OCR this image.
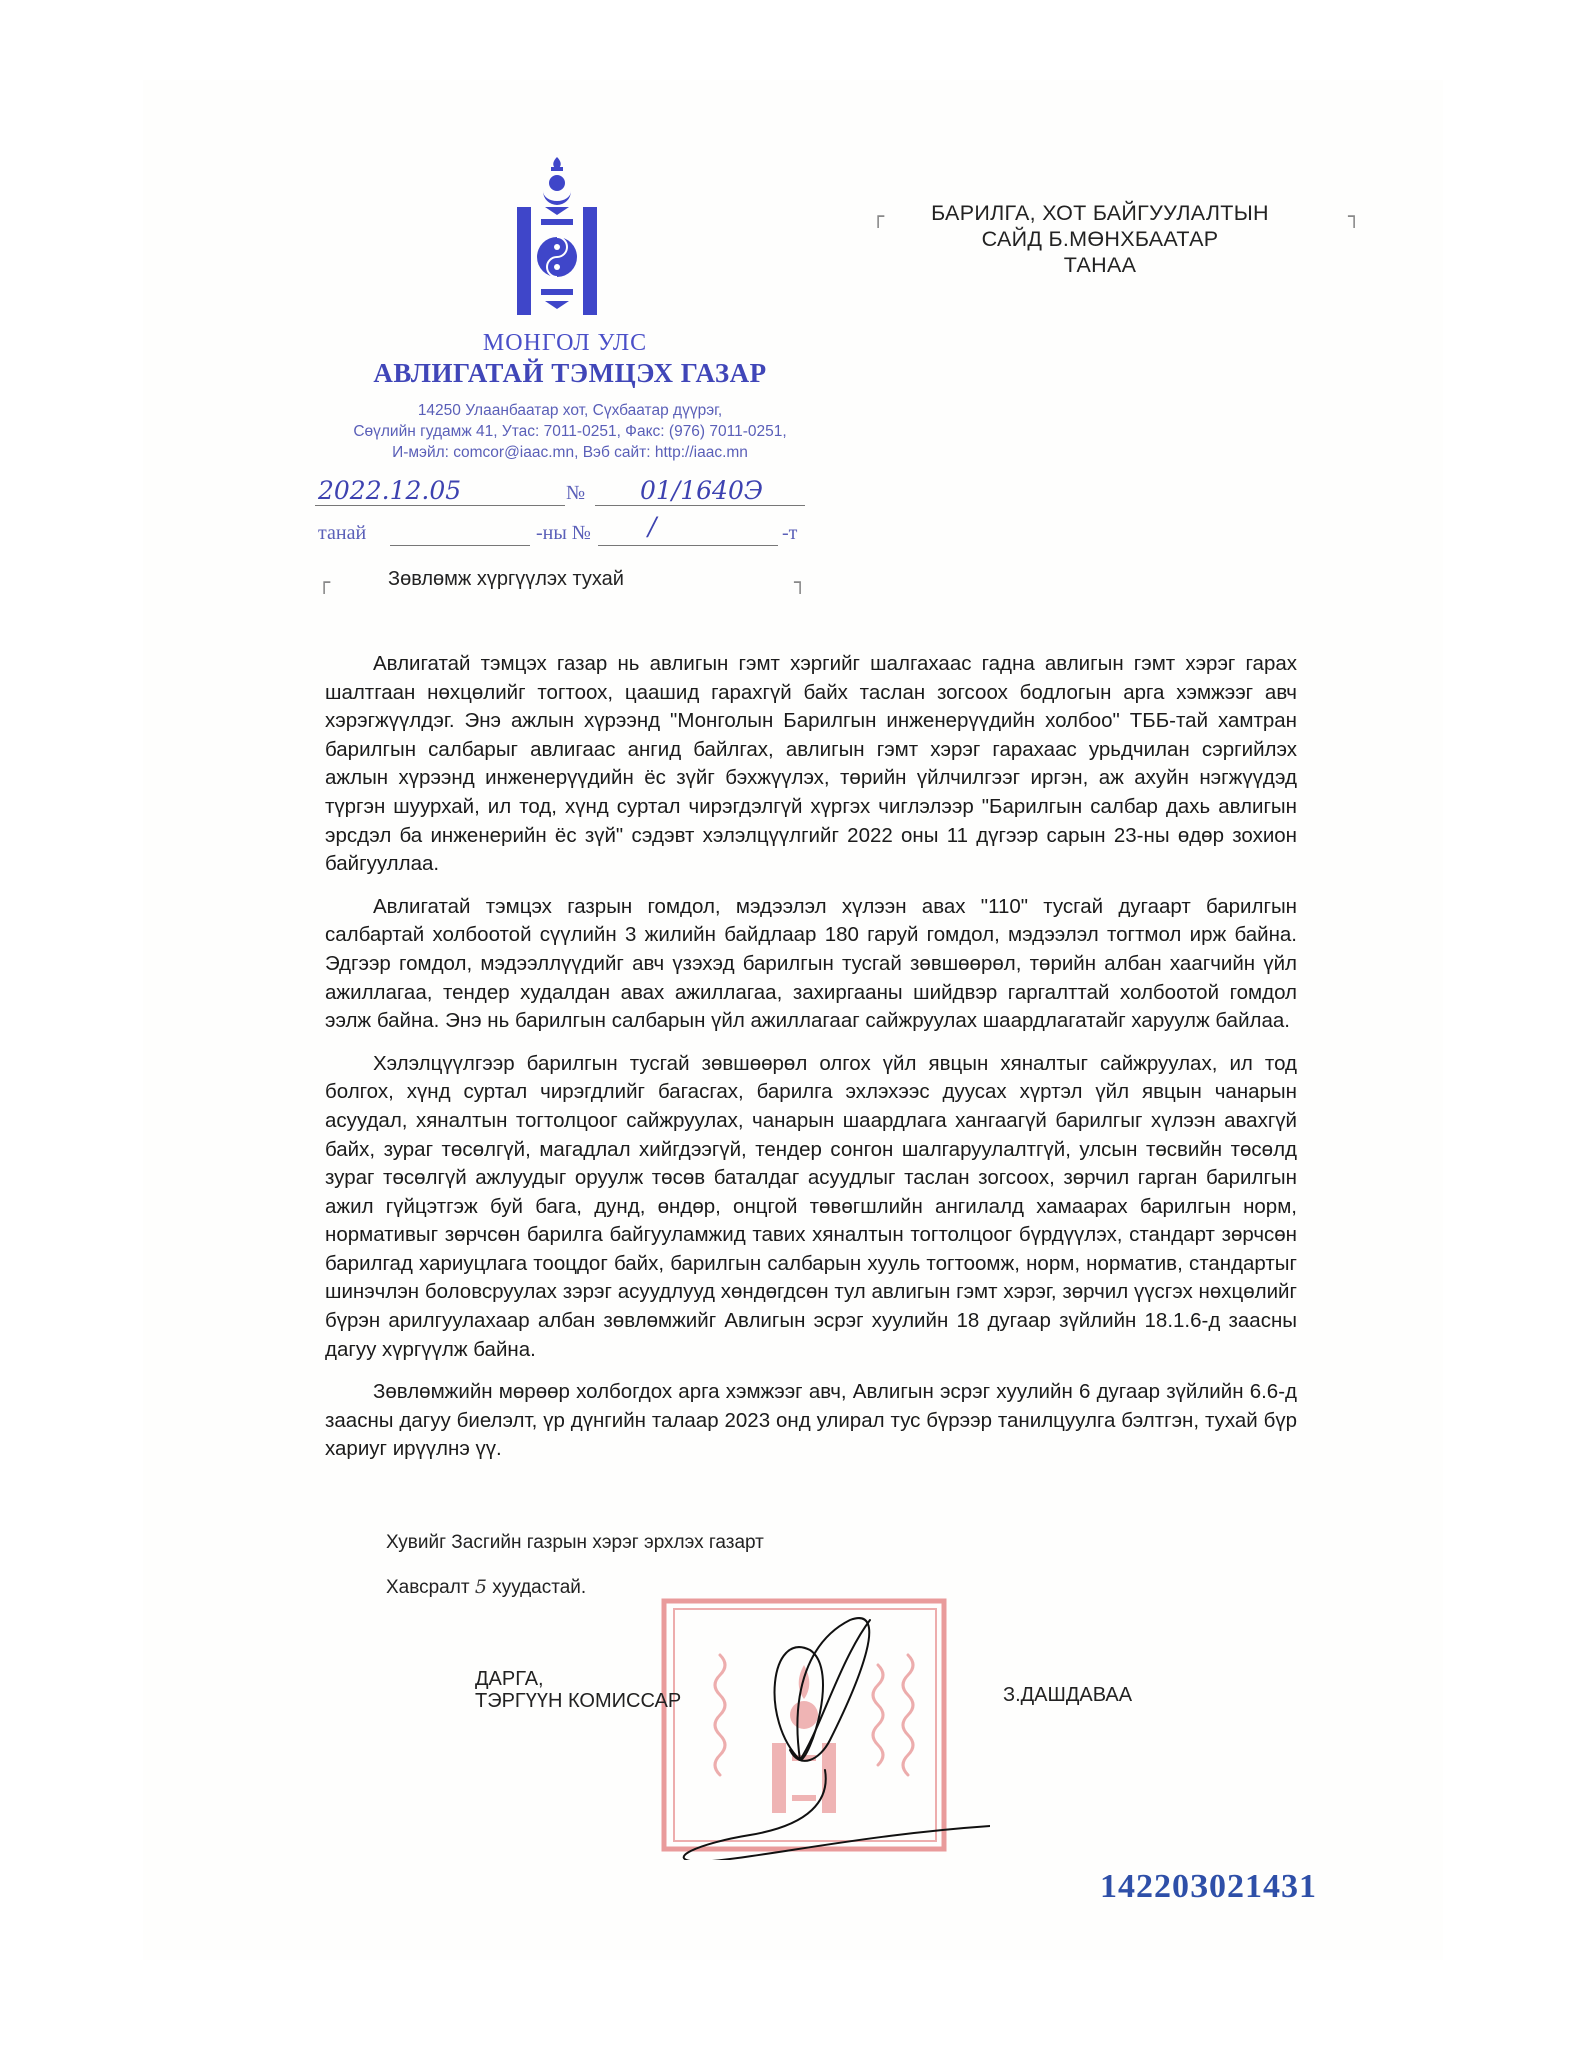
МОНГОЛ УЛС
АВЛИГАТАЙ ТЭМЦЭХ ГАЗАР
14250 Улаанбаатар хот, Сүхбаатар дүүрэг,
Сөүлийн гудамж 41, Утас: 7011-0251, Факс: (976) 7011-0251,
И-мэйл: comcor@iaac.mn, Вэб сайт: http://iaac.mn
2022.12.05	№ 01/1640Э
танай	-ны № /	-т
┌	┐
БАРИЛГА, ХОТ БАЙГУУЛАЛТЫН
САЙД Б.МӨНХБААТАР
ТАНАА
┌	Зөвлөмж хүргүүлэх тухай	┐

Авлигатай тэмцэх газар нь авлигын гэмт хэргийг шалгахаас гадна авлигын гэмт хэрэг гарах шалтгаан нөхцөлийг тогтоох, цаашид гарахгүй байх таслан зогсоох бодлогын арга хэмжээг авч хэрэгжүүлдэг. Энэ ажлын хүрээнд "Монголын Барилгын инженерүүдийн холбоо" ТББ-тай хамтран барилгын салбарыг авлигаас ангид байлгах, авлигын гэмт хэрэг гарахаас урьдчилан сэргийлэх ажлын хүрээнд инженерүүдийн ёс зүйг бэхжүүлэх, төрийн үйлчилгээг иргэн, аж ахуйн нэгжүүдэд түргэн шуурхай, ил тод, хүнд суртал чирэгдэлгүй хүргэх чиглэлээр "Барилгын салбар дахь авлигын эрсдэл ба инженерийн ёс зүй" сэдэвт хэлэлцүүлгийг 2022 оны 11 дүгээр сарын 23-ны өдөр зохион байгууллаа.

Авлигатай тэмцэх газрын гомдол, мэдээлэл хүлээн авах "110" тусгай дугаарт барилгын салбартай холбоотой сүүлийн 3 жилийн байдлаар 180 гаруй гомдол, мэдээлэл тогтмол ирж байна. Эдгээр гомдол, мэдээллүүдийг авч үзэхэд барилгын тусгай зөвшөөрөл, төрийн албан хаагчийн үйл ажиллагаа, тендер худалдан авах ажиллагаа, захиргааны шийдвэр гаргалттай холбоотой гомдол ээлж байна. Энэ нь барилгын салбарын үйл ажиллагааг сайжруулах шаардлагатайг харуулж байлаа.

Хэлэлцүүлгээр барилгын тусгай зөвшөөрөл олгох үйл явцын хяналтыг сайжруулах, ил тод болгох, хүнд суртал чирэгдлийг багасгах, барилга эхлэхээс дуусах хүртэл үйл явцын чанарын асуудал, хяналтын тогтолцоог сайжруулах, чанарын шаардлага хангаагүй барилгыг хүлээн авахгүй байх, зураг төсөлгүй, магадлал хийгдээгүй, тендер сонгон шалгаруулалтгүй, улсын төсвийн төсөлд зураг төсөлгүй ажлуудыг оруулж төсөв баталдаг асуудлыг таслан зогсоох, зөрчил гарган барилгын ажил гүйцэтгэж буй бага, дунд, өндөр, онцгой төвөгшлийн ангилалд хамаарах барилгын норм, нормативыг зөрчсөн барилга байгууламжид тавих хяналтын тогтолцоог бүрдүүлэх, стандарт зөрчсөн барилгад хариуцлага тооцдог байх, барилгын салбарын хууль тогтоомж, норм, норматив, стандартыг шинэчлэн боловсруулах зэрэг асуудлууд хөндөгдсөн тул авлигын гэмт хэрэг, зөрчил үүсгэх нөхцөлийг бүрэн арилгуулахаар албан зөвлөмжийг Авлигын эсрэг хуулийн 18 дугаар зүйлийн 18.1.6-д заасны дагуу хүргүүлж байна.

Зөвлөмжийн мөрөөр холбогдох арга хэмжээг авч, Авлигын эсрэг хуулийн 6 дугаар зүйлийн 6.6-д заасны дагуу биелэлт, үр дүнгийн талаар 2023 онд улирал тус бүрээр танилцуулга бэлтгэн, тухай бүр хариуг ирүүлнэ үү.

Хувийг Засгийн газрын хэрэг эрхлэх газарт
Хавсралт 5 хуудастай.
ДАРГА,
ТЭРГҮҮН КОМИССАР	З.ДАШДАВАА
14220З021431
